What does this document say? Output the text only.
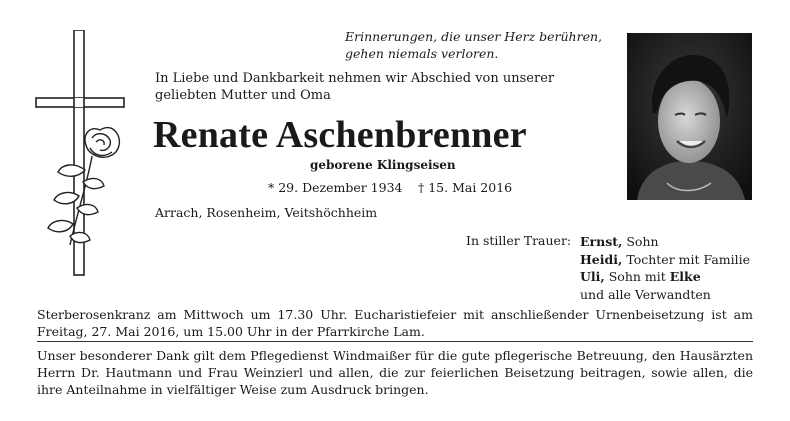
Erinnerungen, die unser Herz berühren, gehen niemals verloren.
In Liebe und Dankbarkeit nehmen wir Abschied von unserer geliebten Mutter und Oma
Renate Aschenbrenner
geborene Klingseisen
* 29. Dezember 1934 † 15. Mai 2016
Arrach, Rosenheim, Veitshöchheim
In stiller Trauer: Ernst, Sohn
Heidi, Tochter mit Familie
Uli, Sohn mit Elke
und alle Verwandten
Sterberosenkranz am Mittwoch um 17.30 Uhr. Eucharistiefeier mit anschließender Urnenbeisetzung ist am Freitag, 27. Mai 2016, um 15.00 Uhr in der Pfarrkirche Lam.
Unser besonderer Dank gilt dem Pflegedienst Windmaißer für die gute pflegerische Betreuung, den Hausärzten Herrn Dr. Hautmann und Frau Weinzierl und allen, die zur feierlichen Beisetzung beitragen, sowie allen, die ihre Anteilnahme in vielfältiger Weise zum Ausdruck bringen.
